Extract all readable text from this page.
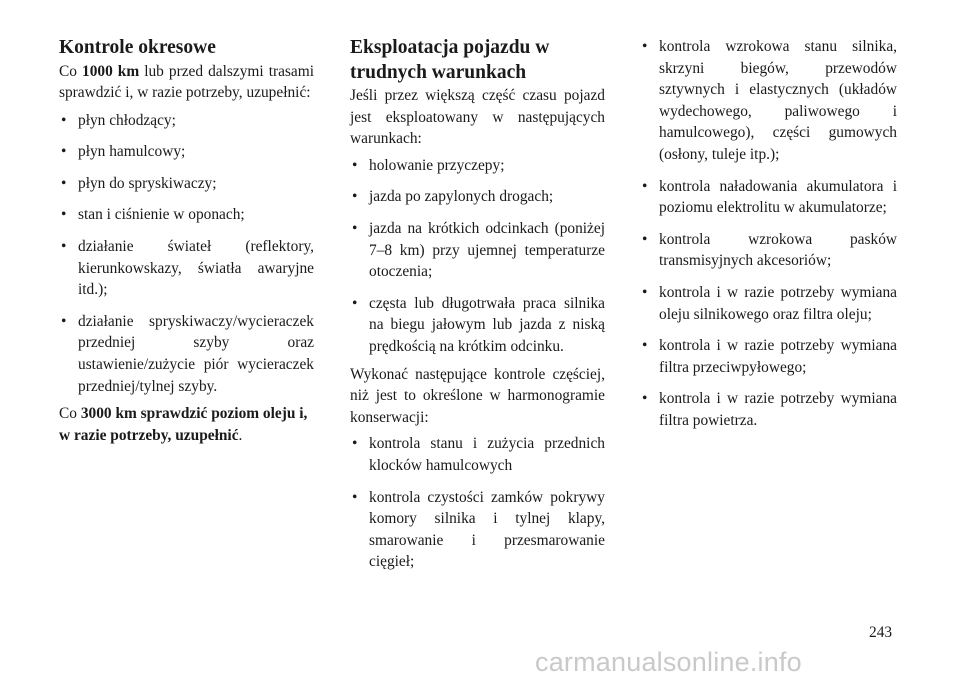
Kontrole okresowe

Co 1000 km lub przed dalszymi trasami sprawdzić i, w razie potrzeby, uzupełnić:

• płyn chłodzący;
• płyn hamulcowy;
• płyn do spryskiwaczy;
• stan i ciśnienie w oponach;
• działanie świateł (reflektory, kierunkowskazy, światła awaryjne itd.);
• działanie spryskiwaczy/wycieraczek przedniej szyby oraz ustawienie/zużycie piór wycieraczek przedniej/tylnej szyby.

Co 3000 km sprawdzić poziom oleju i, w razie potrzeby, uzupełnić.

Eksploatacja pojazdu w trudnych warunkach

Jeśli przez większą część czasu pojazd jest eksploatowany w następujących warunkach:

• holowanie przyczepy;
• jazda po zapylonych drogach;
• jazda na krótkich odcinkach (poniżej 7–8 km) przy ujemnej temperaturze otoczenia;
• częsta lub długotrwała praca silnika na biegu jałowym lub jazda z niską prędkością na krótkim odcinku.

Wykonać następujące kontrole częściej, niż jest to określone w harmonogramie konserwacji:

• kontrola stanu i zużycia przednich klocków hamulcowych
• kontrola czystości zamków pokrywy komory silnika i tylnej klapy, smarowanie i przesmarowanie cięgieł;
• kontrola wzrokowa stanu silnika, skrzyni biegów, przewodów sztywnych i elastycznych (układów wydechowego, paliwowego i hamulcowego), części gumowych (osłony, tuleje itp.);
• kontrola naładowania akumulatora i poziomu elektrolitu w akumulatorze;
• kontrola wzrokowa pasków transmisyjnych akcesoriów;
• kontrola i w razie potrzeby wymiana oleju silnikowego oraz filtra oleju;
• kontrola i w razie potrzeby wymiana filtra przeciwpyłowego;
• kontrola i w razie potrzeby wymiana filtra powietrza.
243
carmanualsonline.info
